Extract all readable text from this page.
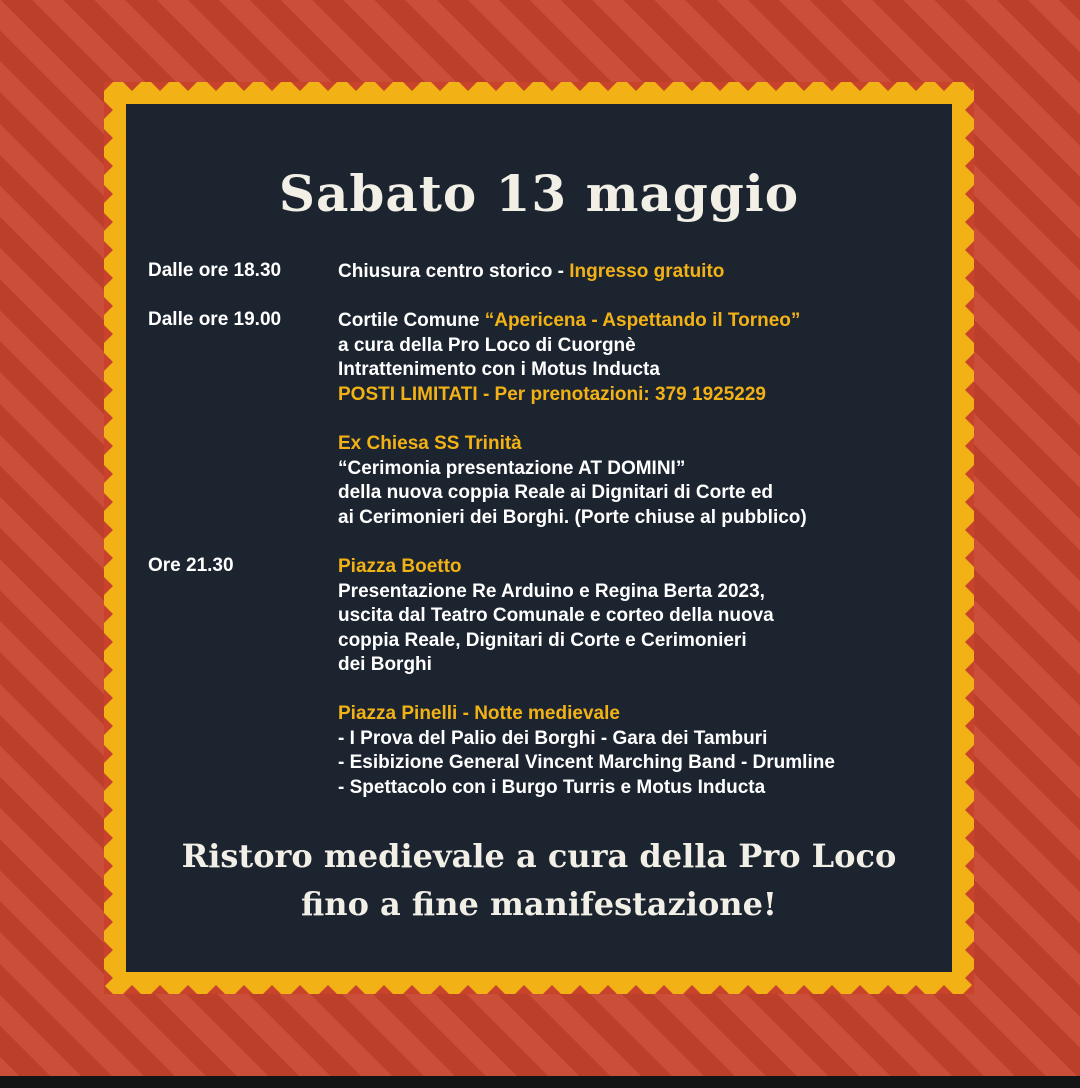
Sabato 13 maggio
Dalle ore 18.30	Chiusura centro storico - Ingresso gratuito
Dalle ore 19.00	Cortile Comune “Apericena - Aspettando il Torneo”
a cura della Pro Loco di Cuorgnè
Intrattenimento con i Motus Inducta
POSTI LIMITATI - Per prenotazioni: 379 1925229
Ex Chiesa SS Trinità
“Cerimonia presentazione AT DOMINI”
della nuova coppia Reale ai Dignitari di Corte ed
ai Cerimonieri dei Borghi. (Porte chiuse al pubblico)
Ore 21.30	Piazza Boetto
Presentazione Re Arduino e Regina Berta 2023,
uscita dal Teatro Comunale e corteo della nuova
coppia Reale, Dignitari di Corte e Cerimonieri
dei Borghi
Piazza Pinelli - Notte medievale
- I Prova del Palio dei Borghi - Gara dei Tamburi
- Esibizione General Vincent Marching Band - Drumline
- Spettacolo con i Burgo Turris e Motus Inducta
Ristoro medievale a cura della Pro Loco
fino a fine manifestazione!
